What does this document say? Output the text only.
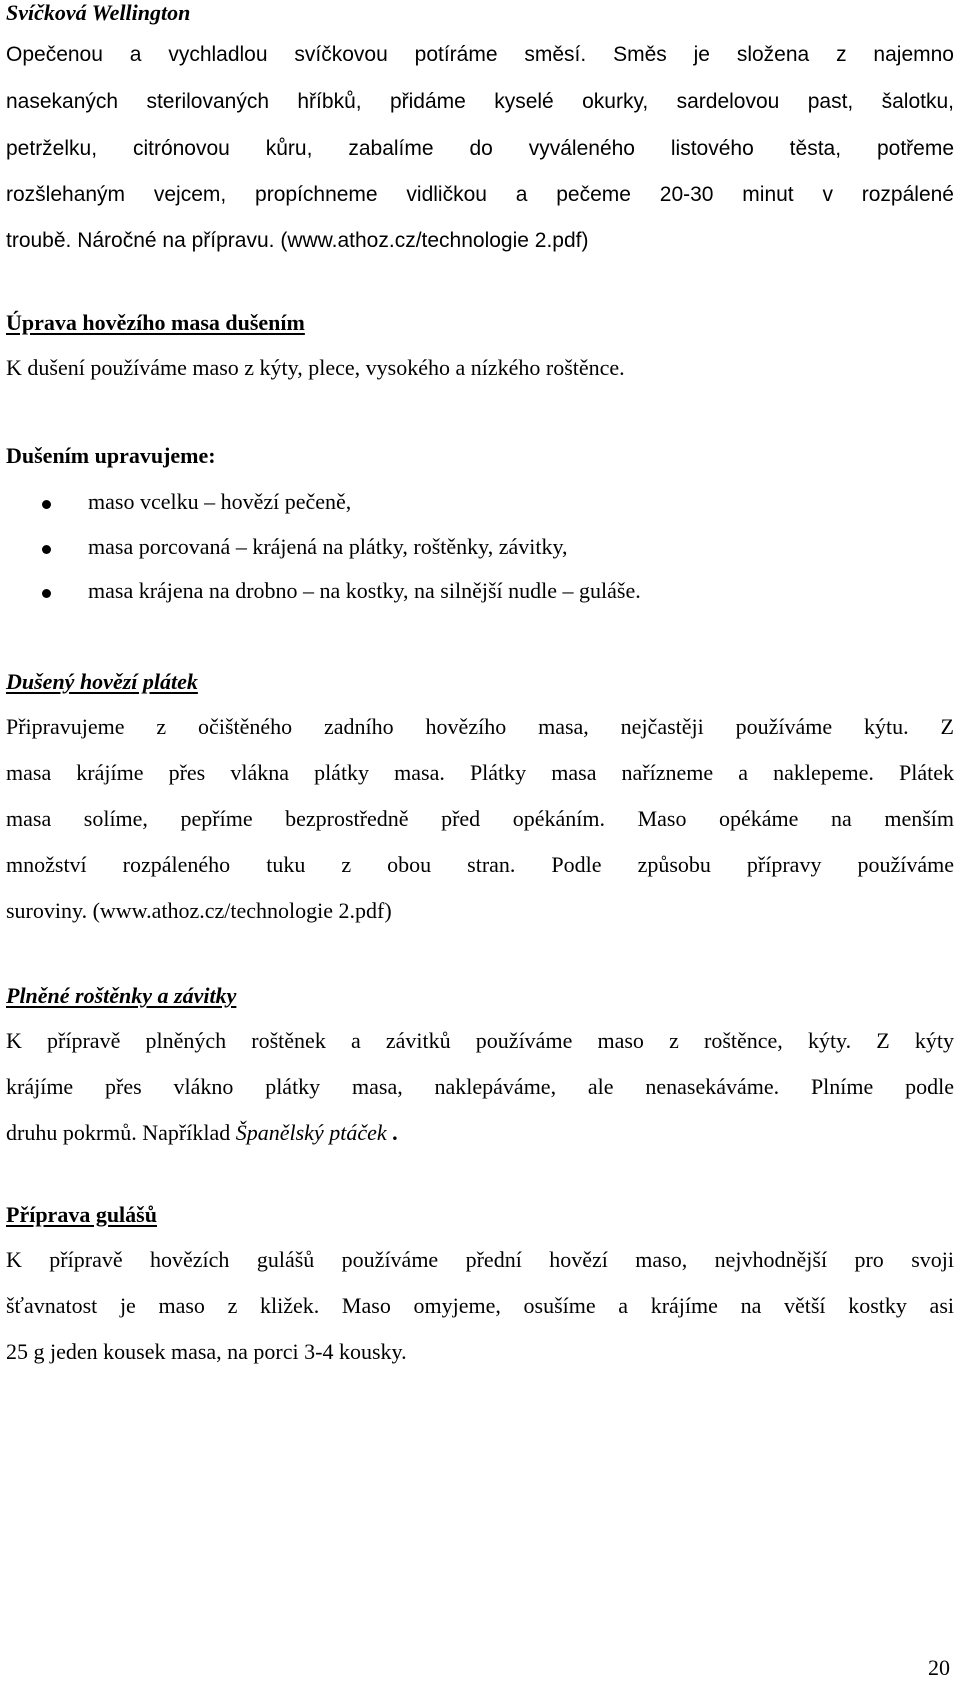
Svíčková Wellington
Opečenou a vychladlou svíčkovou potíráme směsí. Směs je složena z najemno
nasekaných sterilovaných hříbků, přidáme kyselé okurky, sardelovou past, šalotku,
petrželku, citrónovou kůru, zabalíme do vyváleného listového těsta, potřeme
rozšlehaným vejcem, propíchneme vidličkou a pečeme 20-30 minut v rozpálené
troubě. Náročné na přípravu. (www.athoz.cz/technologie 2.pdf)
Úprava hovězího masa dušením
K dušení používáme maso z kýty, plece, vysokého a nízkého roštěnce.
Dušením upravujeme:
maso vcelku – hovězí pečeně,
masa porcovaná – krájená na plátky, roštěnky, závitky,
masa krájena na drobno – na kostky, na silnější nudle – guláše.
Dušený hovězí plátek
Připravujeme z očištěného zadního hovězího masa, nejčastěji používáme kýtu. Z
masa krájíme přes vlákna plátky masa. Plátky masa nařízneme a naklepeme. Plátek
masa solíme, pepříme bezprostředně před opékáním. Maso opékáme na menším
množství rozpáleného tuku z obou stran. Podle způsobu přípravy používáme
suroviny. (www.athoz.cz/technologie 2.pdf)
Plněné roštěnky a závitky
K přípravě plněných roštěnek a závitků používáme maso z roštěnce, kýty. Z kýty
krájíme přes vlákno plátky masa, naklepáváme, ale nenasekáváme. Plníme podle
druhu pokrmů. Například Španělský ptáček .
Příprava gulášů
K přípravě hovězích gulášů používáme přední hovězí maso, nejvhodnější pro svoji
šťavnatost je maso z kližek. Maso omyjeme, osušíme a krájíme na větší kostky asi
25 g jeden kousek masa, na porci 3-4 kousky.
20
